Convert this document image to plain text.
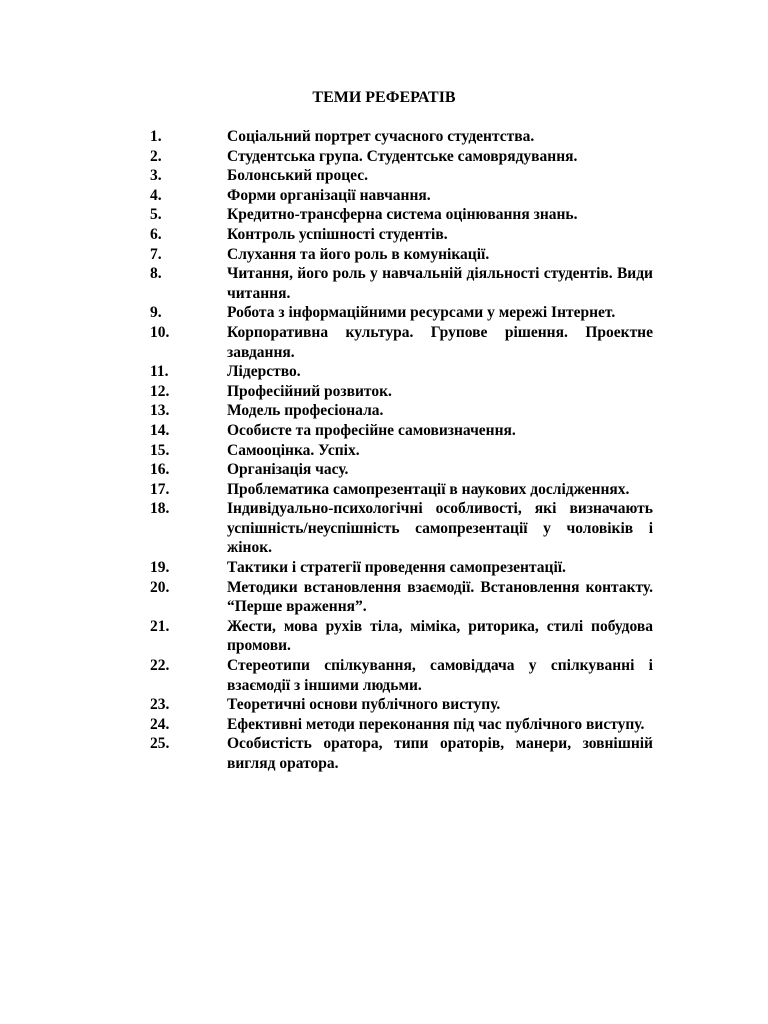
ТЕМИ РЕФЕРАТІВ
1.	Соціальний портрет сучасного студентства.
2.	Студентська група. Студентське самоврядування.
3.	Болонський процес.
4.	Форми організації навчання.
5.	Кредитно-трансферна система оцінювання знань.
6.	Контроль успішності студентів.
7.	Слухання та його роль в комунікації.
8.	Читання, його роль у навчальній діяльності студентів. Види читання.
9.	Робота з інформаційними ресурсами у мережі Інтернет.
10.	Корпоративна культура. Групове рішення. Проектне завдання.
11.	Лідерство.
12.	Професійний розвиток.
13.	Модель професіонала.
14.	Особисте та професійне самовизначення.
15.	Самооцінка. Успіх.
16.	Організація часу.
17.	Проблематика самопрезентації в наукових дослідженнях.
18.	Індивідуально-психологічні особливості, які визначають успішність/неуспішність самопрезентації у чоловіків і жінок.
19.	Тактики і стратегії проведення самопрезентації.
20.	Методики встановлення взаємодії. Встановлення контакту. “Перше враження”.
21.	Жести, мова рухів тіла, міміка, риторика, стилі побудова промови.
22.	Стереотипи спілкування, самовіддача у спілкуванні і взаємодії з іншими людьми.
23.	Теоретичні основи публічного виступу.
24.	Ефективні методи переконання під час публічного виступу.
25.	Особистість оратора, типи ораторів, манери, зовнішній вигляд оратора.
